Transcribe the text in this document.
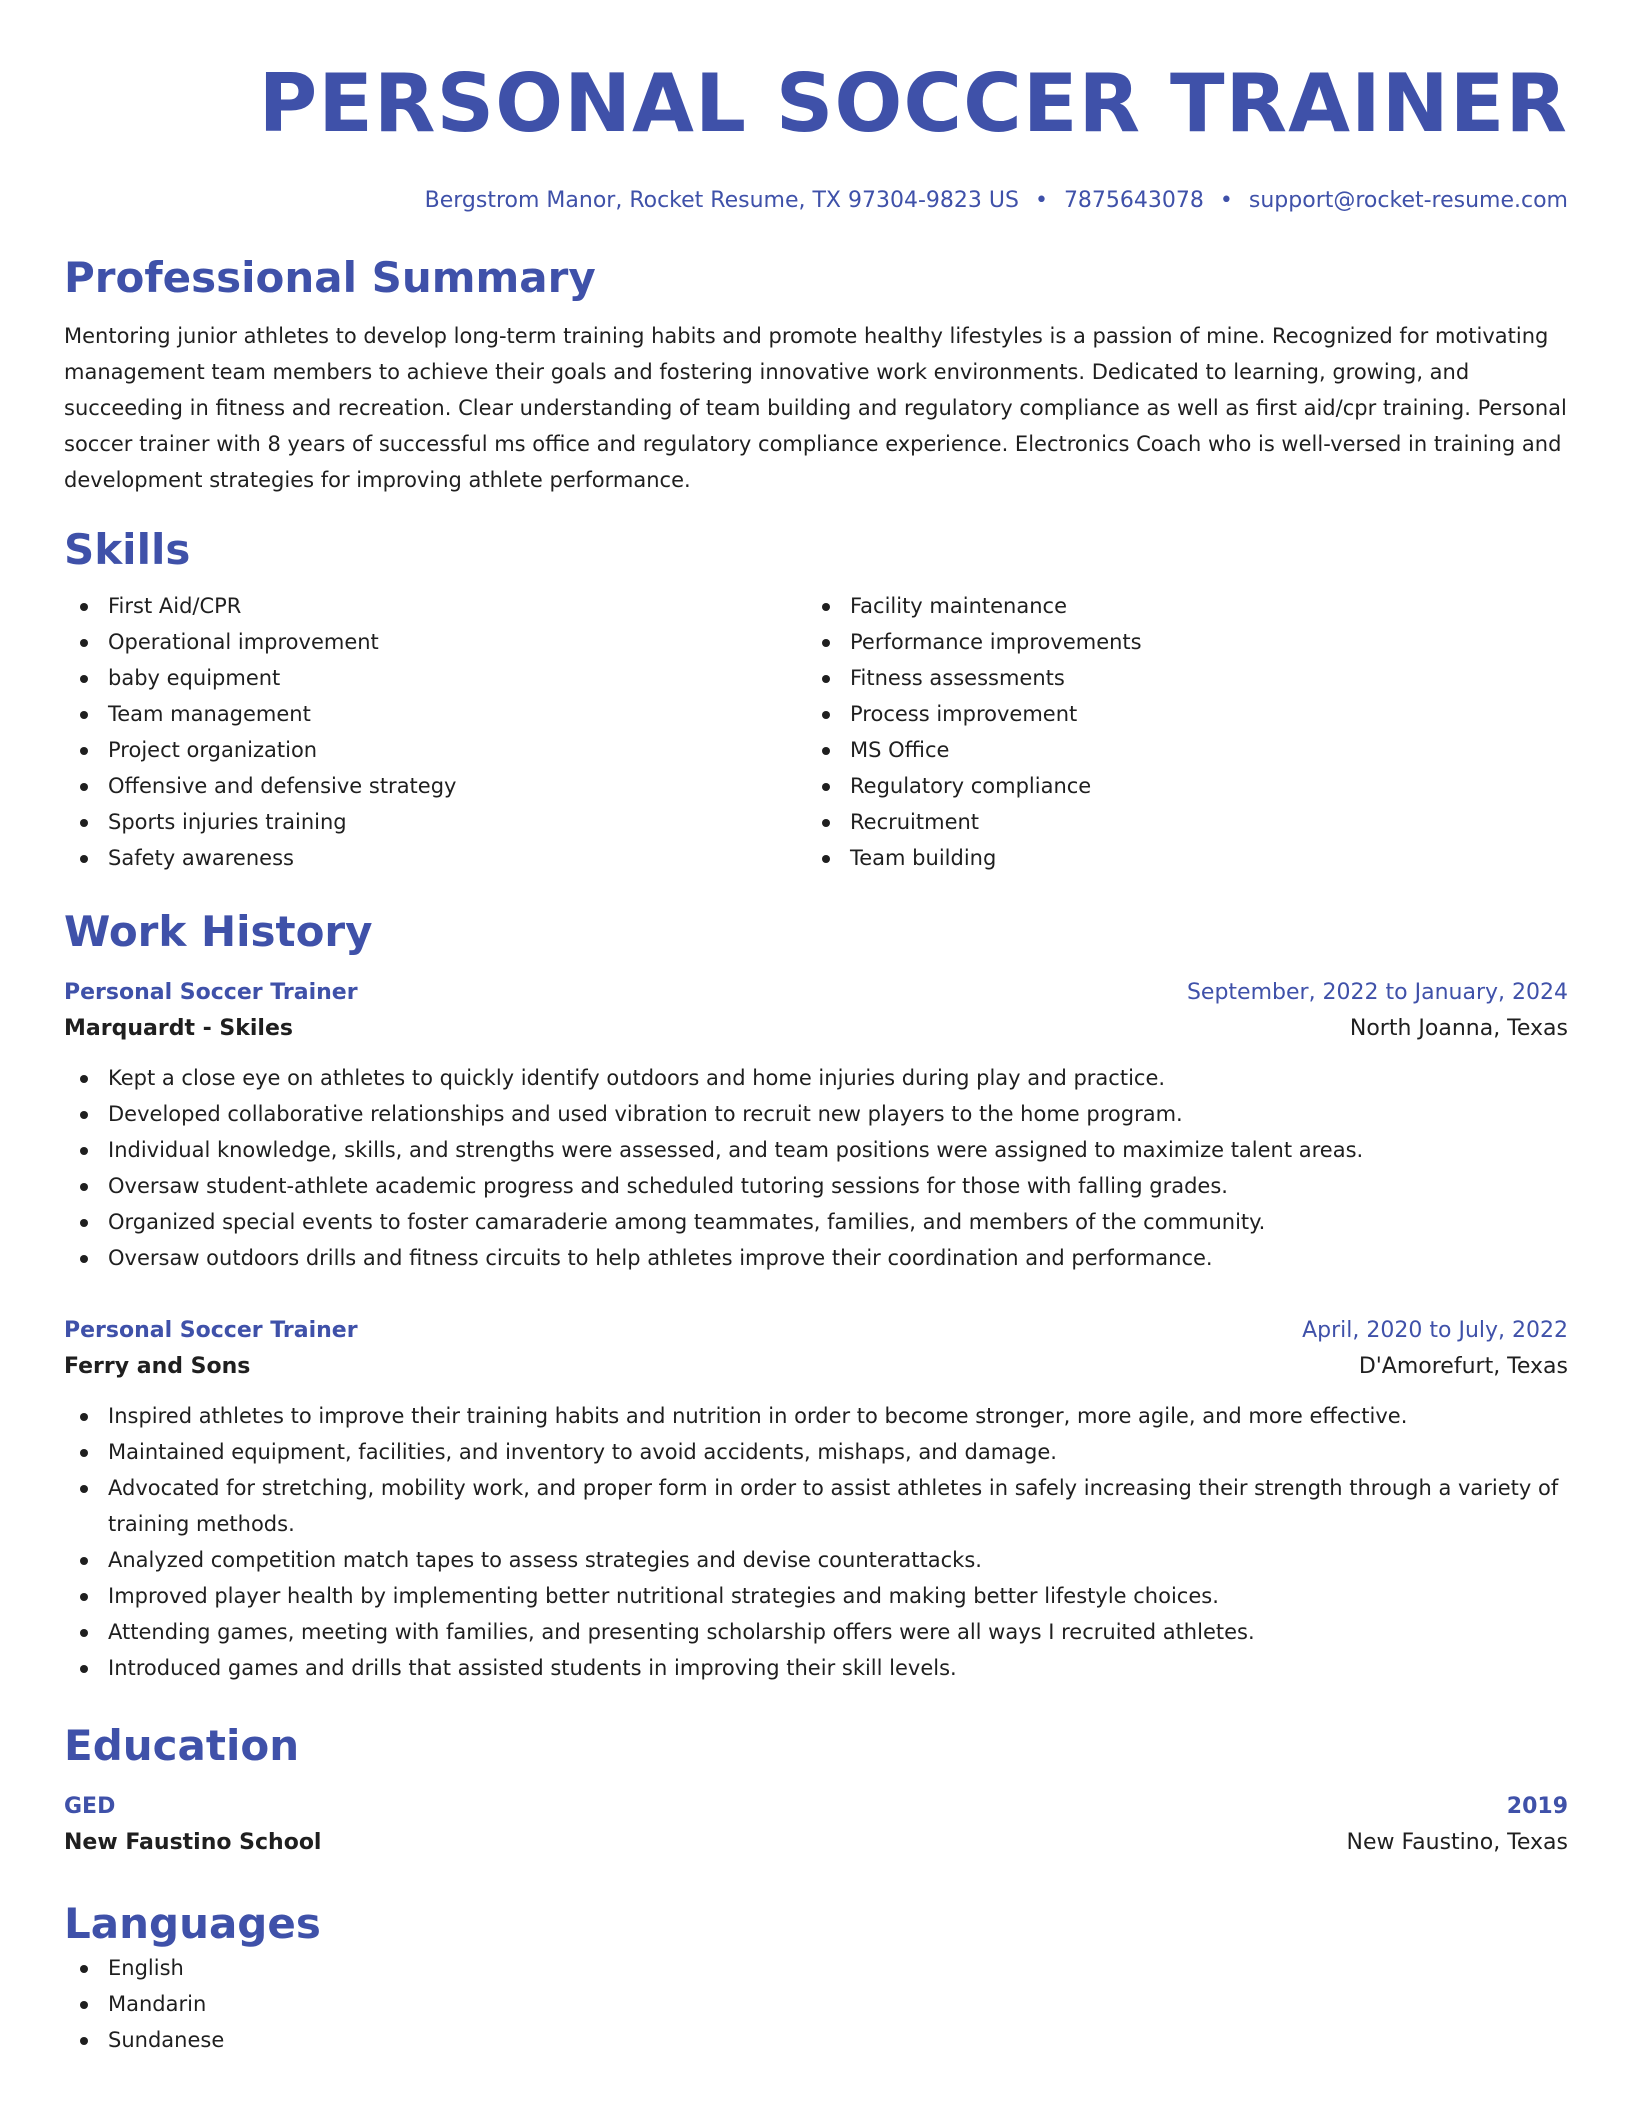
PERSONAL SOCCER TRAINER
Bergstrom Manor, Rocket Resume, TX 97304-9823 US • 7875643078 • support@rocket-resume.com
Professional Summary
Mentoring junior athletes to develop long-term training habits and promote healthy lifestyles is a passion of mine. Recognized for motivating management team members to achieve their goals and fostering innovative work environments. Dedicated to learning, growing, and succeeding in fitness and recreation. Clear understanding of team building and regulatory compliance as well as first aid/cpr training. Personal soccer trainer with 8 years of successful ms office and regulatory compliance experience. Electronics Coach who is well-versed in training and development strategies for improving athlete performance.
Skills
First Aid/CPR
Operational improvement
baby equipment
Team management
Project organization
Offensive and defensive strategy
Sports injuries training
Safety awareness
Facility maintenance
Performance improvements
Fitness assessments
Process improvement
MS Office
Regulatory compliance
Recruitment
Team building
Work History
Personal Soccer Trainer	September, 2022 to January, 2024
Marquardt - Skiles	North Joanna, Texas
Kept a close eye on athletes to quickly identify outdoors and home injuries during play and practice.
Developed collaborative relationships and used vibration to recruit new players to the home program.
Individual knowledge, skills, and strengths were assessed, and team positions were assigned to maximize talent areas.
Oversaw student-athlete academic progress and scheduled tutoring sessions for those with falling grades.
Organized special events to foster camaraderie among teammates, families, and members of the community.
Oversaw outdoors drills and fitness circuits to help athletes improve their coordination and performance.
Personal Soccer Trainer	April, 2020 to July, 2022
Ferry and Sons	D'Amorefurt, Texas
Inspired athletes to improve their training habits and nutrition in order to become stronger, more agile, and more effective.
Maintained equipment, facilities, and inventory to avoid accidents, mishaps, and damage.
Advocated for stretching, mobility work, and proper form in order to assist athletes in safely increasing their strength through a variety of training methods.
Analyzed competition match tapes to assess strategies and devise counterattacks.
Improved player health by implementing better nutritional strategies and making better lifestyle choices.
Attending games, meeting with families, and presenting scholarship offers were all ways I recruited athletes.
Introduced games and drills that assisted students in improving their skill levels.
Education
GED	2019
New Faustino School	New Faustino, Texas
Languages
English
Mandarin
Sundanese
